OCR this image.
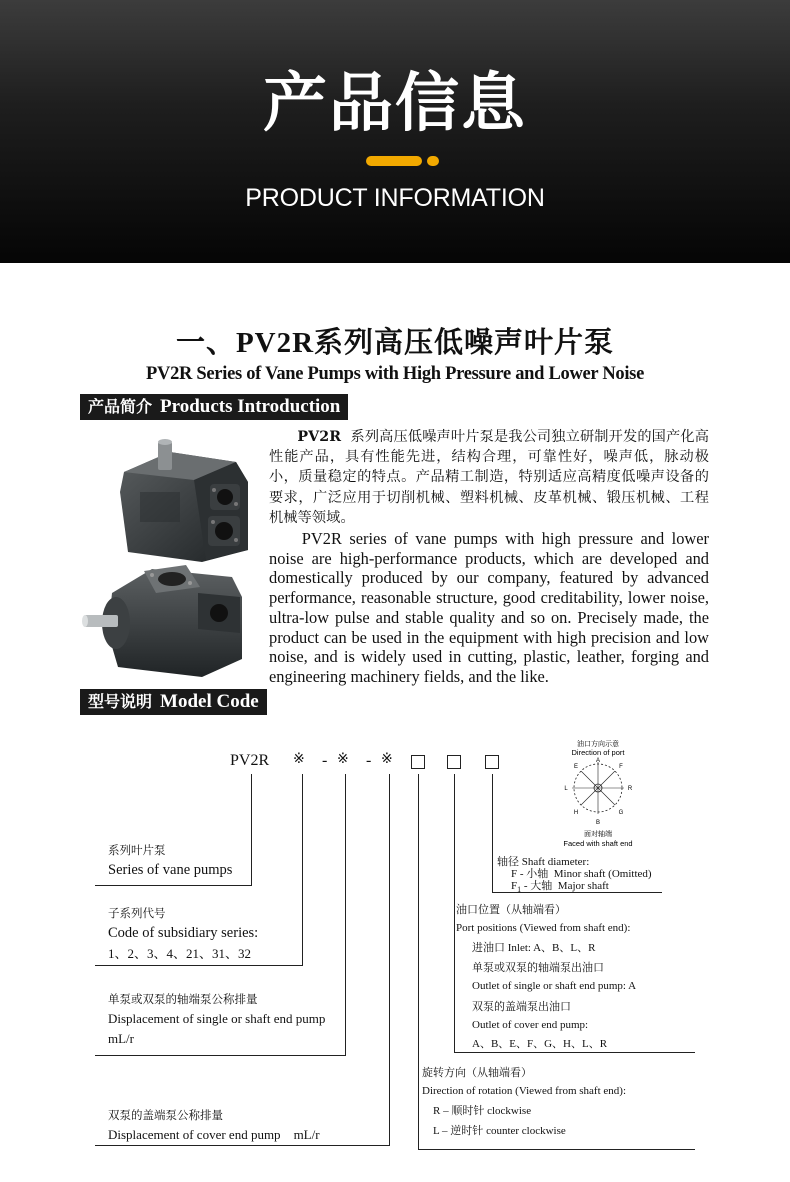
产品信息
PRODUCT INFORMATION
一、PV2R系列高压低噪声叶片泵
PV2R Series of Vane Pumps with High Pressure and Lower Noise
产品简介 Products Introduction

PV2R 系列高压低噪声叶片泵是我公司独立研制开发的国产化高性能产品，具有性能先进，结构合理，可靠性好，噪声低，脉动极小，质量稳定的特点。产品精工制造，特别适应高精度低噪声设备的要求，广泛应用于切削机械、塑料机械、皮革机械、锻压机械、工程机械等领域。

PV2R series of vane pumps with high pressure and lower noise are high-performance products, which are developed and domestically produced by our company, featured by advanced performance, reasonable structure, good creditability, lower noise, ultra-low pulse and stable quality and so on. Precisely made, the product can be used in the equipment with high precision and low noise, and is widely used in cutting, plastic, leather, forging and engineering machinery fields, and the like.

型号说明 Model Code
PV2R ※ - ※ - ※
系列叶片泵
Series of vane pumps
子系列代号
Code of subsidiary series:
1、2、3、4、21、31、32
单泵或双泵的轴端泵公称排量
Displacement of single or shaft end pump
mL/r
双泵的盖端泵公称排量
Displacement of cover end pump mL/r
轴径 Shaft diameter:
F - 小轴 Minor shaft (Omitted)
$F_1$ - 大轴 Major shaft
油口位置（从轴端看）
Port positions (Viewed from shaft end):
进油口 Inlet: A、B、L、R
单泵或双泵的轴端泵出油口
Outlet of single or shaft end pump: A
双泵的盖端泵出油口
Outlet of cover end pump:
A、B、E、F、G、H、L、R
旋转方向（从轴端看）
Direction of rotation (Viewed from shaft end):
R – 顺时针 clockwise
L – 逆时针 counter clockwise
油口方向示意
Direction of port
A
E	F
L	R
H	G
B
面对轴端
Faced with shaft end
